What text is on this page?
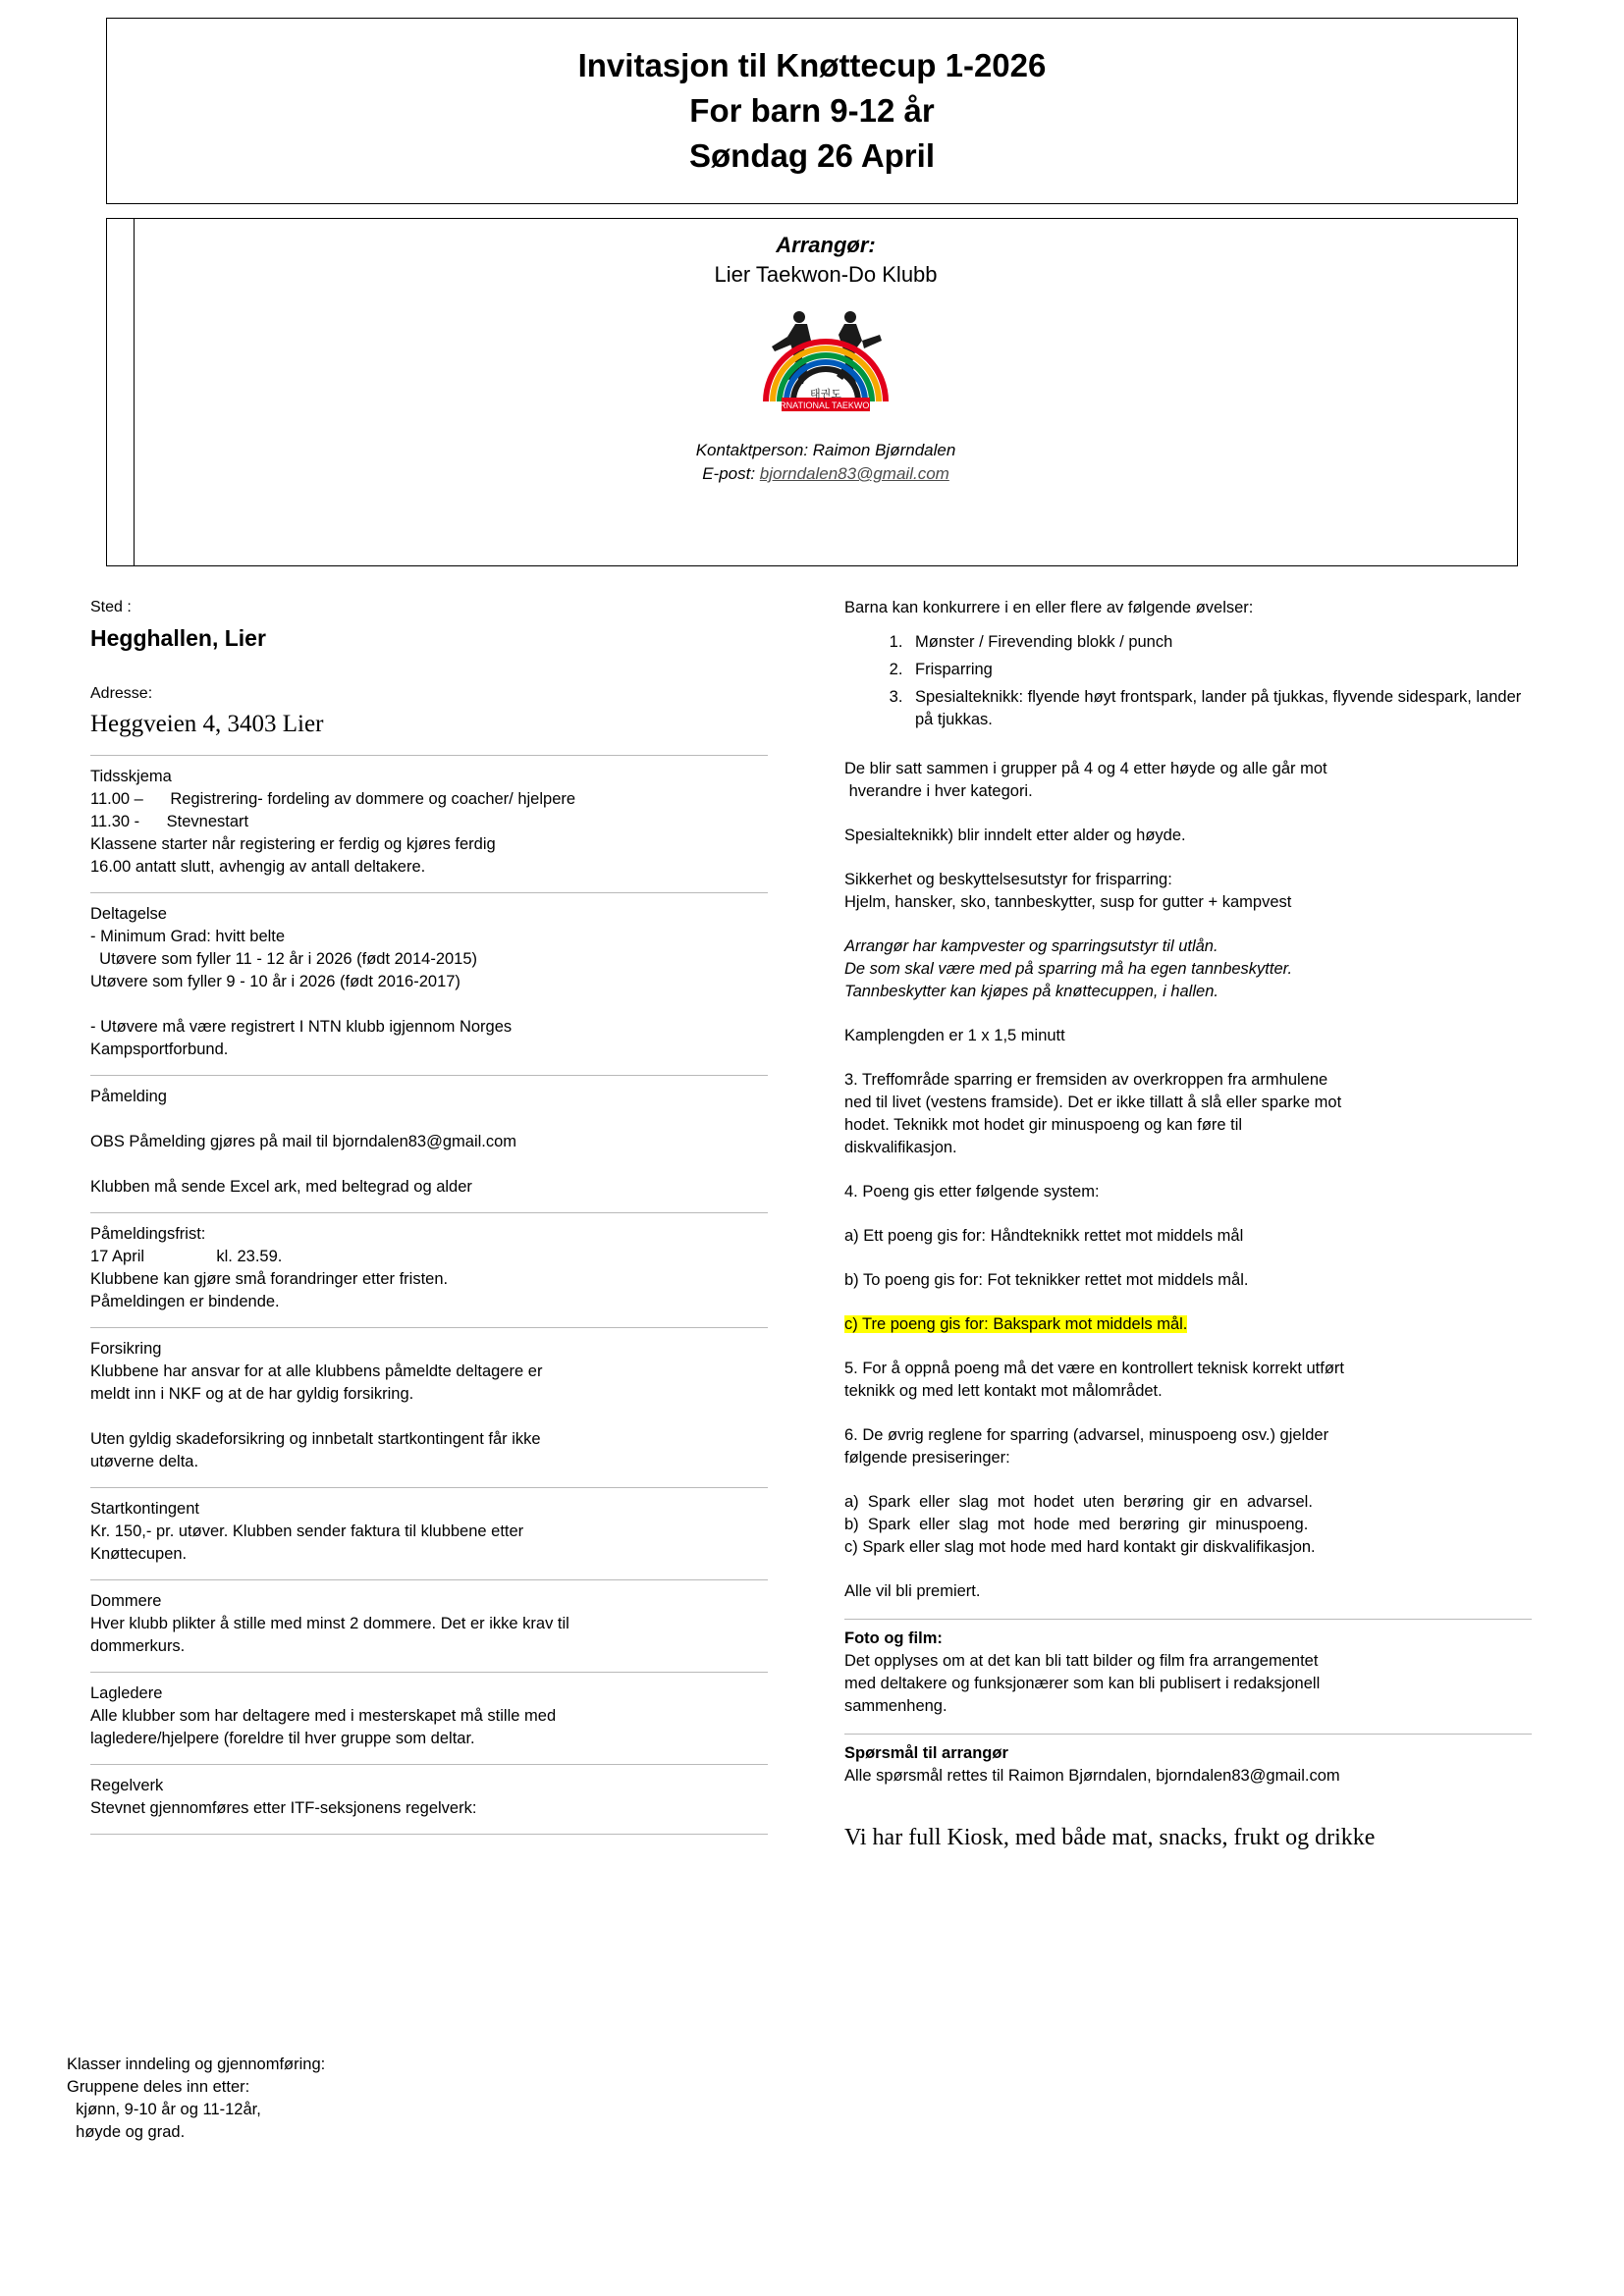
Invitasjon til Knøttecup 1-2026
For barn 9-12 år
Søndag 26 April
Arrangør:
Lier Taekwon-Do Klubb
INTERNATIONAL TAEKWON-DO
태권도
Kontaktperson: Raimon Bjørndalen
E-post: bjorndalen83@gmail.com
Sted :
Hegghallen, Lier
Adresse:
Heggveien 4, 3403 Lier
Tidsskjema
11.00 –      Registrering- fordeling av dommere og coacher/ hjelpere
11.30 -      Stevnestart
Klassene starter når registering er ferdig og kjøres ferdig
16.00 antatt slutt, avhengig av antall deltakere.
Deltagelse
- Minimum Grad: hvitt belte
Utøvere som fyller 11 - 12 år i 2026 (født 2014-2015)
Utøvere som fyller 9 - 10 år i 2026 (født 2016-2017)

- Utøvere må være registrert I NTN klubb igjennom Norges
Kampsportforbund.
Påmelding

OBS Påmelding gjøres på mail til bjorndalen83@gmail.com

Klubben må sende Excel ark, med beltegrad og alder
Påmeldingsfrist:
17 April                kl. 23.59.
Klubbene kan gjøre små forandringer etter fristen.
Påmeldingen er bindende.
Forsikring
Klubbene har ansvar for at alle klubbens påmeldte deltagere er
meldt inn i NKF og at de har gyldig forsikring.

Uten gyldig skadeforsikring og innbetalt startkontingent får ikke
utøverne delta.
Startkontingent
Kr. 150,- pr. utøver. Klubben sender faktura til klubbene etter
Knøttecupen.
Dommere
Hver klubb plikter å stille med minst 2 dommere. Det er ikke krav til
dommerkurs.
Lagledere
Alle klubber som har deltagere med i mesterskapet må stille med
lagledere/hjelpere (foreldre til hver gruppe som deltar.
Regelverk
Stevnet gjennomføres etter ITF-seksjonens regelverk:
Barna kan konkurrere i en eller flere av følgende øvelser:
1. Mønster / Firevending blokk / punch
2. Frisparring
3. Spesialteknikk: flyende høyt frontspark, lander på tjukkas, flyvende sidespark, lander på tjukkas.
De blir satt sammen i grupper på 4 og 4 etter høyde og alle går mot
hverandre i hver kategori.
Spesialteknikk) blir inndelt etter alder og høyde.
Sikkerhet og beskyttelsesutstyr for frisparring:
Hjelm, hansker, sko, tannbeskytter, susp for gutter + kampvest
Arrangør har kampvester og sparringsutstyr til utlån.
De som skal være med på sparring må ha egen tannbeskytter.
Tannbeskytter kan kjøpes på knøttecuppen, i hallen.
Kamplengden er 1 x 1,5 minutt
3. Treffområde sparring er fremsiden av overkroppen fra armhulene
ned til livet (vestens framside). Det er ikke tillatt å slå eller sparke mot
hodet. Teknikk mot hodet gir minuspoeng og kan føre til
diskvalifikasjon.
4. Poeng gis etter følgende system:
a) Ett poeng gis for: Håndteknikk rettet mot middels mål
b) To poeng gis for: Fot teknikker rettet mot middels mål.
c) Tre poeng gis for: Bakspark mot middels mål.
5. For å oppnå poeng må det være en kontrollert teknisk korrekt utført
teknikk og med lett kontakt mot målområdet.
6. De øvrig reglene for sparring (advarsel, minuspoeng osv.) gjelder
følgende presiseringer:
a)  Spark  eller  slag  mot  hodet  uten  berøring  gir  en  advarsel.
b)  Spark  eller  slag  mot  hode  med  berøring  gir  minuspoeng.
c) Spark eller slag mot hode med hard kontakt gir diskvalifikasjon.
Alle vil bli premiert.
Foto og film:
Det opplyses om at det kan bli tatt bilder og film fra arrangementet
med deltakere og funksjonærer som kan bli publisert i redaksjonell
sammenheng.
Spørsmål til arrangør
Alle spørsmål rettes til Raimon Bjørndalen, bjorndalen83@gmail.com
Vi har full Kiosk, med både mat, snacks, frukt og drikke
Klasser inndeling og gjennomføring:
Gruppene deles inn etter:
kjønn, 9-10 år og 11-12år,
høyde og grad.
